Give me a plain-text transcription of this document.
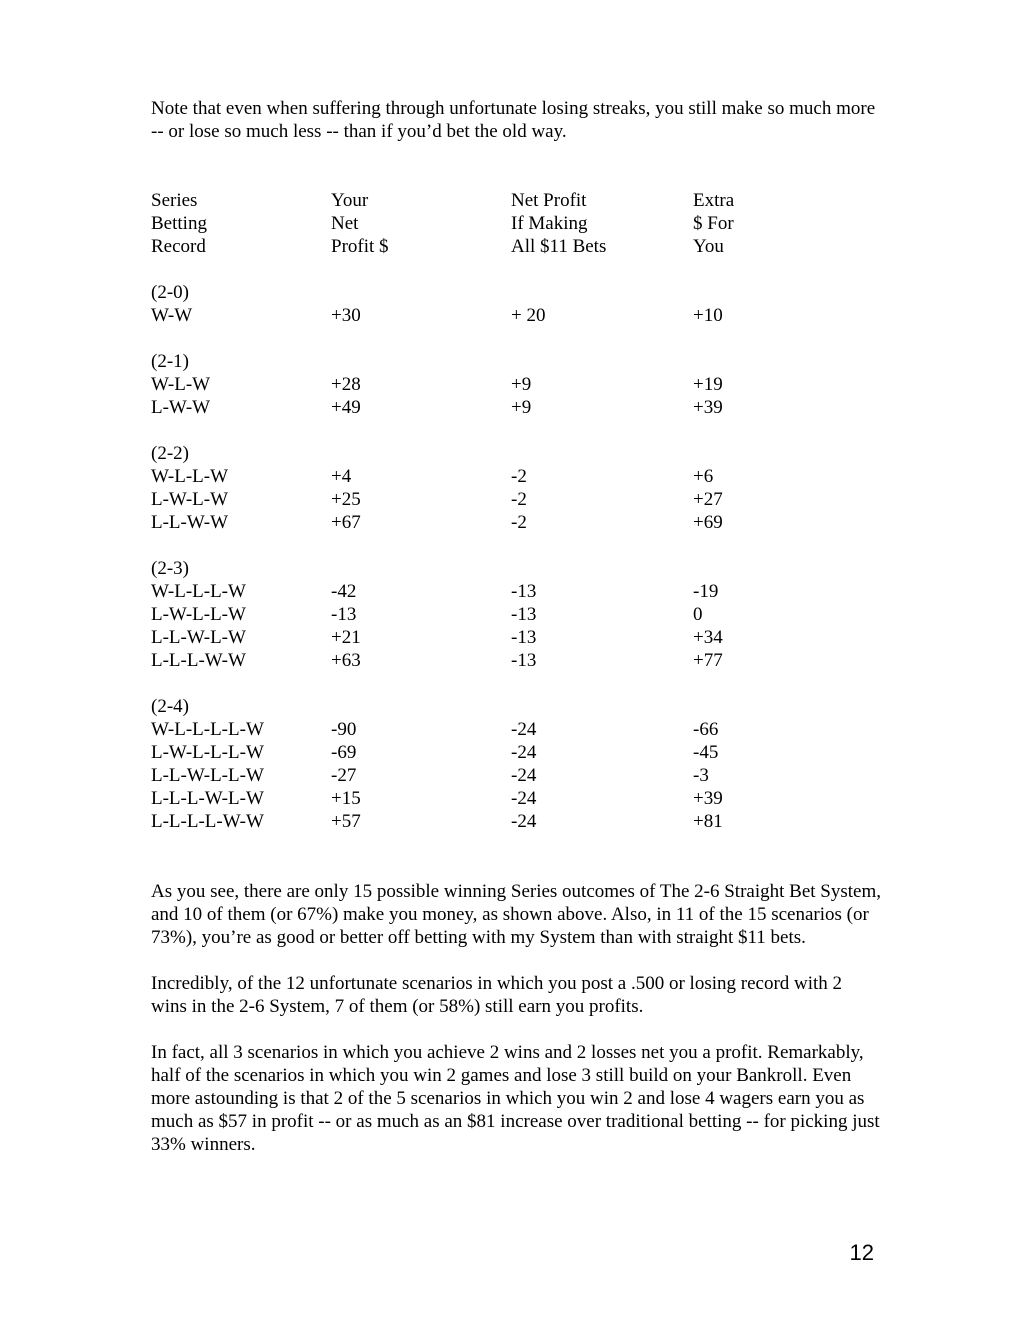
Note that even when suffering through unfortunate losing streaks, you still make so much more -- or lose so much less -- than if you’d bet the old way.

Series	Your	Net Profit	Extra
Betting	Net	If Making	$ For
Record	Profit $	All $11 Bets	You

(2-0)			
W-W	+30	+ 20	+10

(2-1)			
W-L-W	+28	+9	+19
L-W-W	+49	+9	+39

(2-2)			
W-L-L-W	+4	-2	+6
L-W-L-W	+25	-2	+27
L-L-W-W	+67	-2	+69

(2-3)			
W-L-L-L-W	-42	-13	-19
L-W-L-L-W	-13	-13	0
L-L-W-L-W	+21	-13	+34
L-L-L-W-W	+63	-13	+77

(2-4)			
W-L-L-L-L-W	-90	-24	-66
L-W-L-L-L-W	-69	-24	-45
L-L-W-L-L-W	-27	-24	-3
L-L-L-W-L-W	+15	-24	+39
L-L-L-L-W-W	+57	-24	+81

As you see, there are only 15 possible winning Series outcomes of The 2-6 Straight Bet System, and 10 of them (or 67%) make you money, as shown above. Also, in 11 of the 15 scenarios (or 73%), you’re as good or better off betting with my System than with straight $11 bets.

Incredibly, of the 12 unfortunate scenarios in which you post a .500 or losing record with 2 wins in the 2-6 System, 7 of them (or 58%) still earn you profits.

In fact, all 3 scenarios in which you achieve 2 wins and 2 losses net you a profit. Remarkably, half of the scenarios in which you win 2 games and lose 3 still build on your Bankroll. Even more astounding is that 2 of the 5 scenarios in which you win 2 and lose 4 wagers earn you as much as $57 in profit -- or as much as an $81 increase over traditional betting -- for picking just 33% winners.

12
